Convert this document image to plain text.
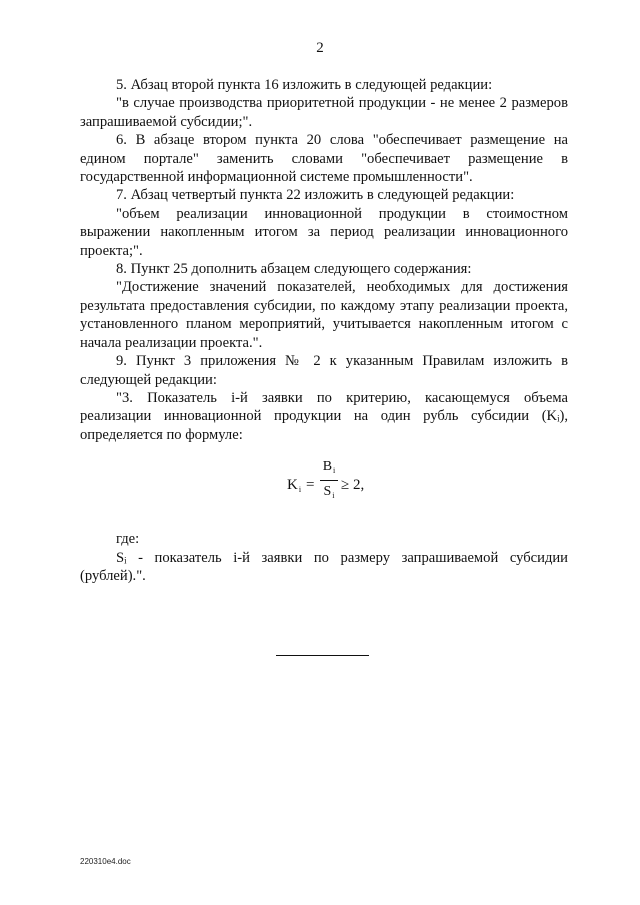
2

5. Абзац второй пункта 16 изложить в следующей редакции:

"в случае производства приоритетной продукции - не менее 2 размеров запрашиваемой субсидии;".

6. В абзаце втором пункта 20 слова "обеспечивает размещение на едином портале" заменить словами "обеспечивает размещение в государственной информационной системе промышленности".

7. Абзац четвертый пункта 22 изложить в следующей редакции:

"объем реализации инновационной продукции в стоимостном выражении накопленным итогом за период реализации инновационного проекта;".

8. Пункт 25 дополнить абзацем следующего содержания:

"Достижение значений показателей, необходимых для достижения результата предоставления субсидии, по каждому этапу реализации проекта, установленного планом мероприятий, учитывается накопленным итогом с начала реализации проекта.".

9. Пункт 3 приложения № 2 к указанным Правилам изложить в следующей редакции:

"3. Показатель i-й заявки по критерию, касающемуся объема реализации инновационной продукции на один рубль субсидии (Kᵢ), определяется по формуле:

$K_i$ =
$B_i$
$S_i$
≥ 2,

где:

Sᵢ - показатель i-й заявки по размеру запрашиваемой субсидии (рублей).".

220310e4.doc
